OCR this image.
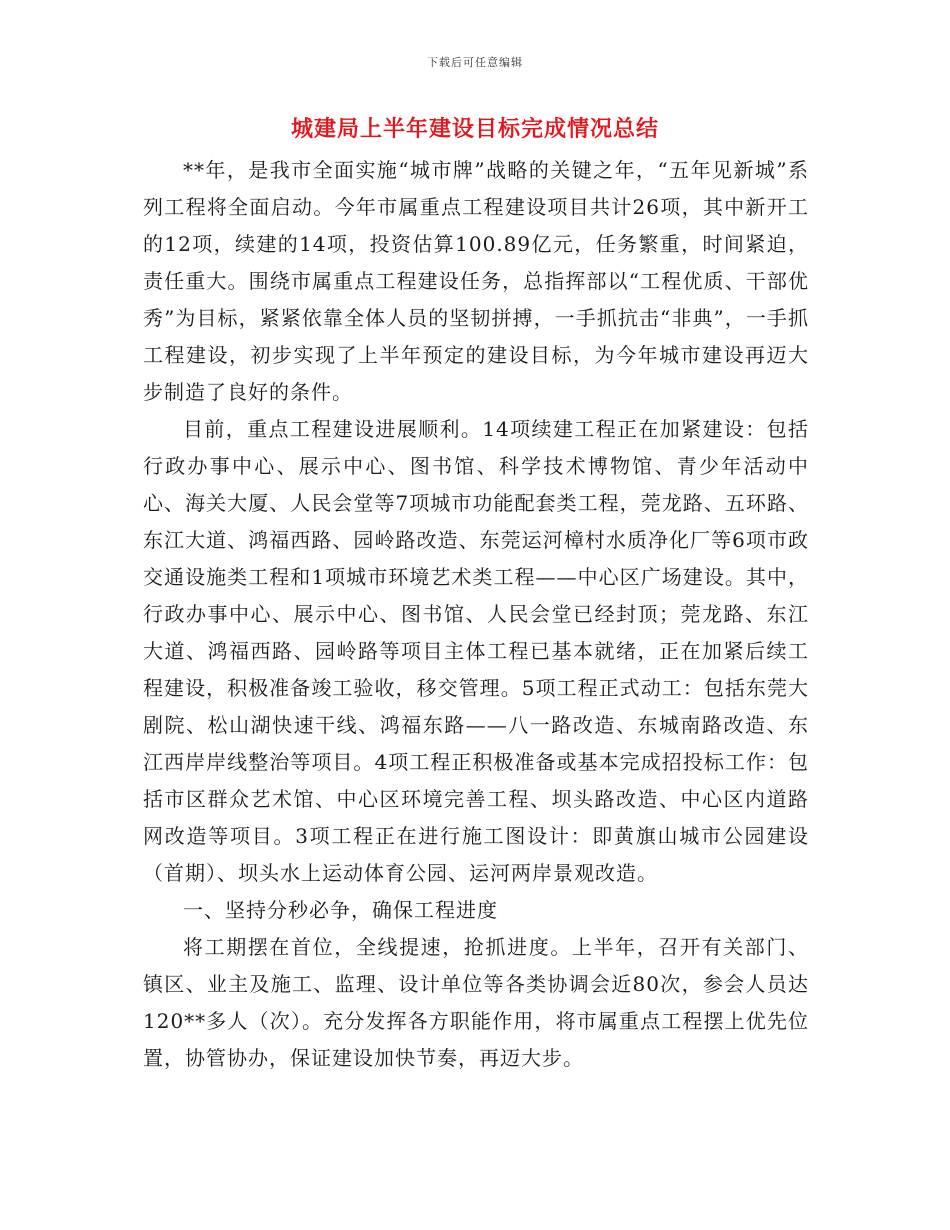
下载后可任意编辑
城建局上半年建设目标完成情况总结

**年，是我市全面实施“城市牌”战略的关键之年，“五年见新城”系列工程将全面启动。今年市属重点工程建设项目共计26项，其中新开工的12项，续建的14项，投资估算100.89亿元，任务繁重，时间紧迫，责任重大。围绕市属重点工程建设任务，总指挥部以“工程优质、干部优秀”为目标，紧紧依靠全体人员的坚韧拼搏，一手抓抗击“非典”，一手抓工程建设，初步实现了上半年预定的建设目标，为今年城市建设再迈大步制造了良好的条件。

目前，重点工程建设进展顺利。14项续建工程正在加紧建设：包括行政办事中心、展示中心、图书馆、科学技术博物馆、青少年活动中心、海关大厦、人民会堂等7项城市功能配套类工程，莞龙路、五环路、东江大道、鸿福西路、园岭路改造、东莞运河樟村水质净化厂等6项市政交通设施类工程和1项城市环境艺术类工程——中心区广场建设。其中，行政办事中心、展示中心、图书馆、人民会堂已经封顶；莞龙路、东江大道、鸿福西路、园岭路等项目主体工程已基本就绪，正在加紧后续工程建设，积极准备竣工验收，移交管理。5项工程正式动工：包括东莞大剧院、松山湖快速干线、鸿福东路——八一路改造、东城南路改造、东江西岸岸线整治等项目。4项工程正积极准备或基本完成招投标工作：包括市区群众艺术馆、中心区环境完善工程、坝头路改造、中心区内道路网改造等项目。3项工程正在进行施工图设计：即黄旗山城市公园建设（首期）、坝头水上运动体育公园、运河两岸景观改造。

一、坚持分秒必争，确保工程进度

将工期摆在首位，全线提速，抢抓进度。上半年，召开有关部门、镇区、业主及施工、监理、设计单位等各类协调会近80次，参会人员达120**多人（次）。充分发挥各方职能作用，将市属重点工程摆上优先位置，协管协办，保证建设加快节奏，再迈大步。
